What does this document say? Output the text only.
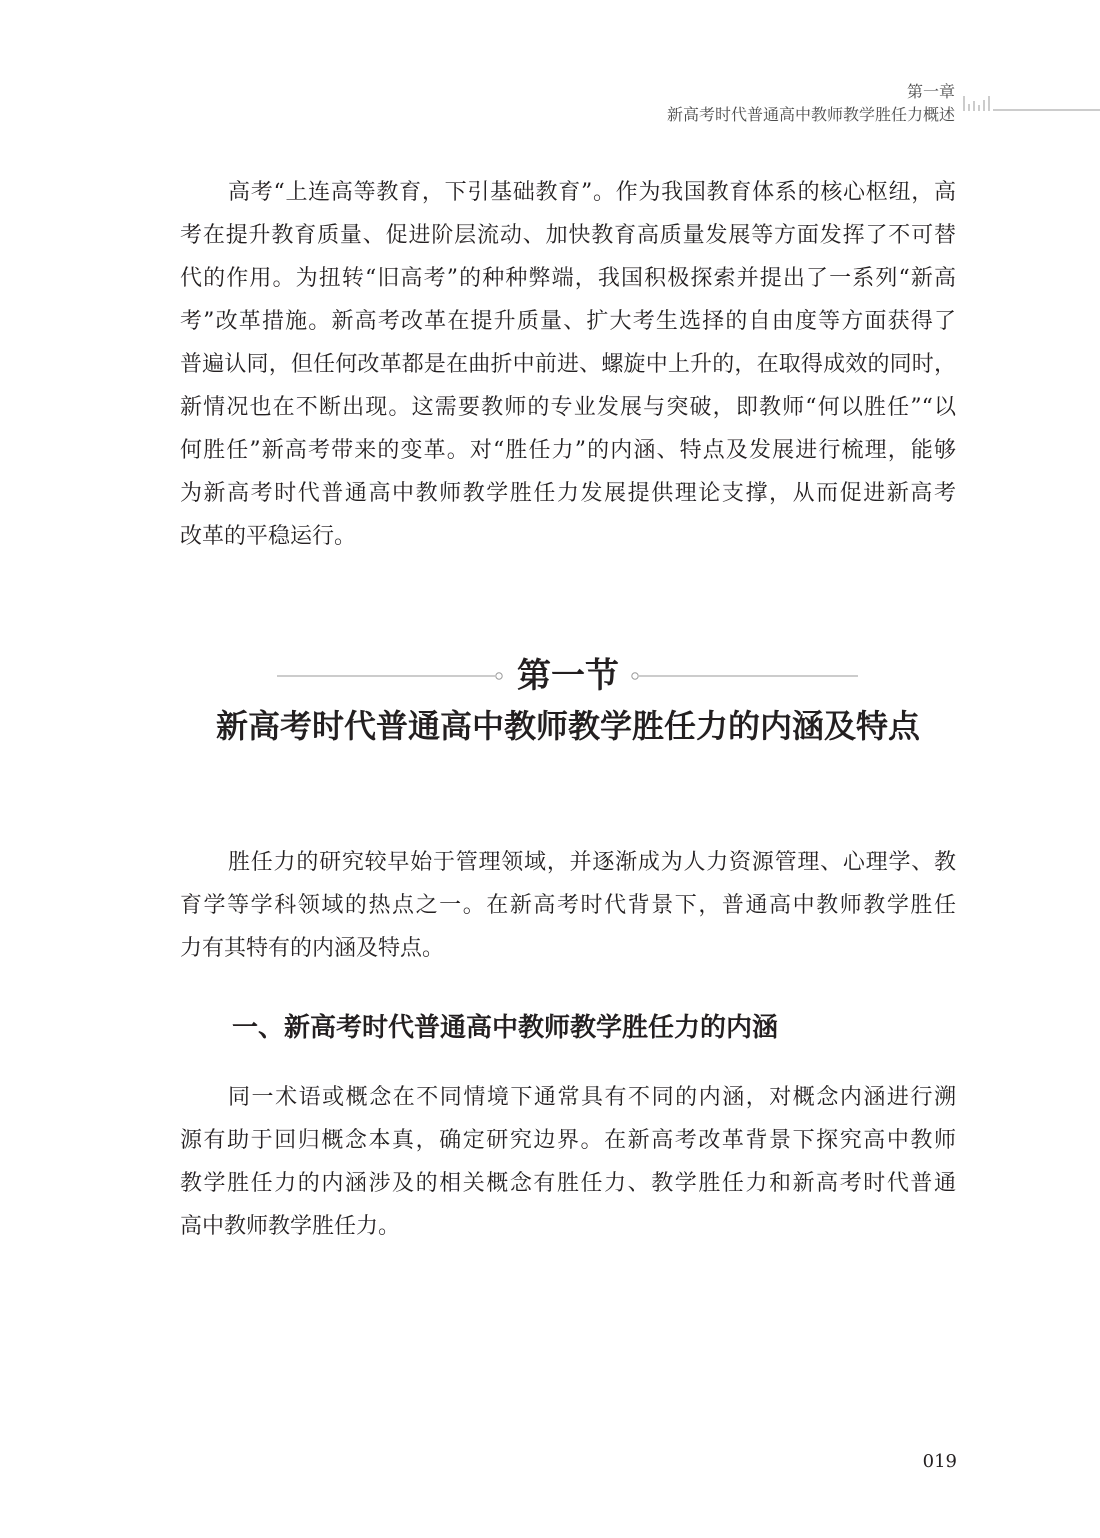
第一章
新高考时代普通高中教师教学胜任力概述
高考“上连高等教育，下引基础教育”。作为我国教育体系的核心枢纽，高
考在提升教育质量、促进阶层流动、加快教育高质量发展等方面发挥了不可替
代的作用。为扭转“旧高考”的种种弊端，我国积极探索并提出了一系列“新高
考”改革措施。新高考改革在提升质量、扩大考生选择的自由度等方面获得了
普遍认同，但任何改革都是在曲折中前进、螺旋中上升的，在取得成效的同时，
新情况也在不断出现。这需要教师的专业发展与突破，即教师“何以胜任”“以
何胜任”新高考带来的变革。对“胜任力”的内涵、特点及发展进行梳理，能够
为新高考时代普通高中教师教学胜任力发展提供理论支撑，从而促进新高考
改革的平稳运行。
第一节
新高考时代普通高中教师教学胜任力的内涵及特点
胜任力的研究较早始于管理领域，并逐渐成为人力资源管理、心理学、教
育学等学科领域的热点之一。在新高考时代背景下，普通高中教师教学胜任
力有其特有的内涵及特点。
一、新高考时代普通高中教师教学胜任力的内涵
同一术语或概念在不同情境下通常具有不同的内涵，对概念内涵进行溯
源有助于回归概念本真，确定研究边界。在新高考改革背景下探究高中教师
教学胜任力的内涵涉及的相关概念有胜任力、教学胜任力和新高考时代普通
高中教师教学胜任力。
019
